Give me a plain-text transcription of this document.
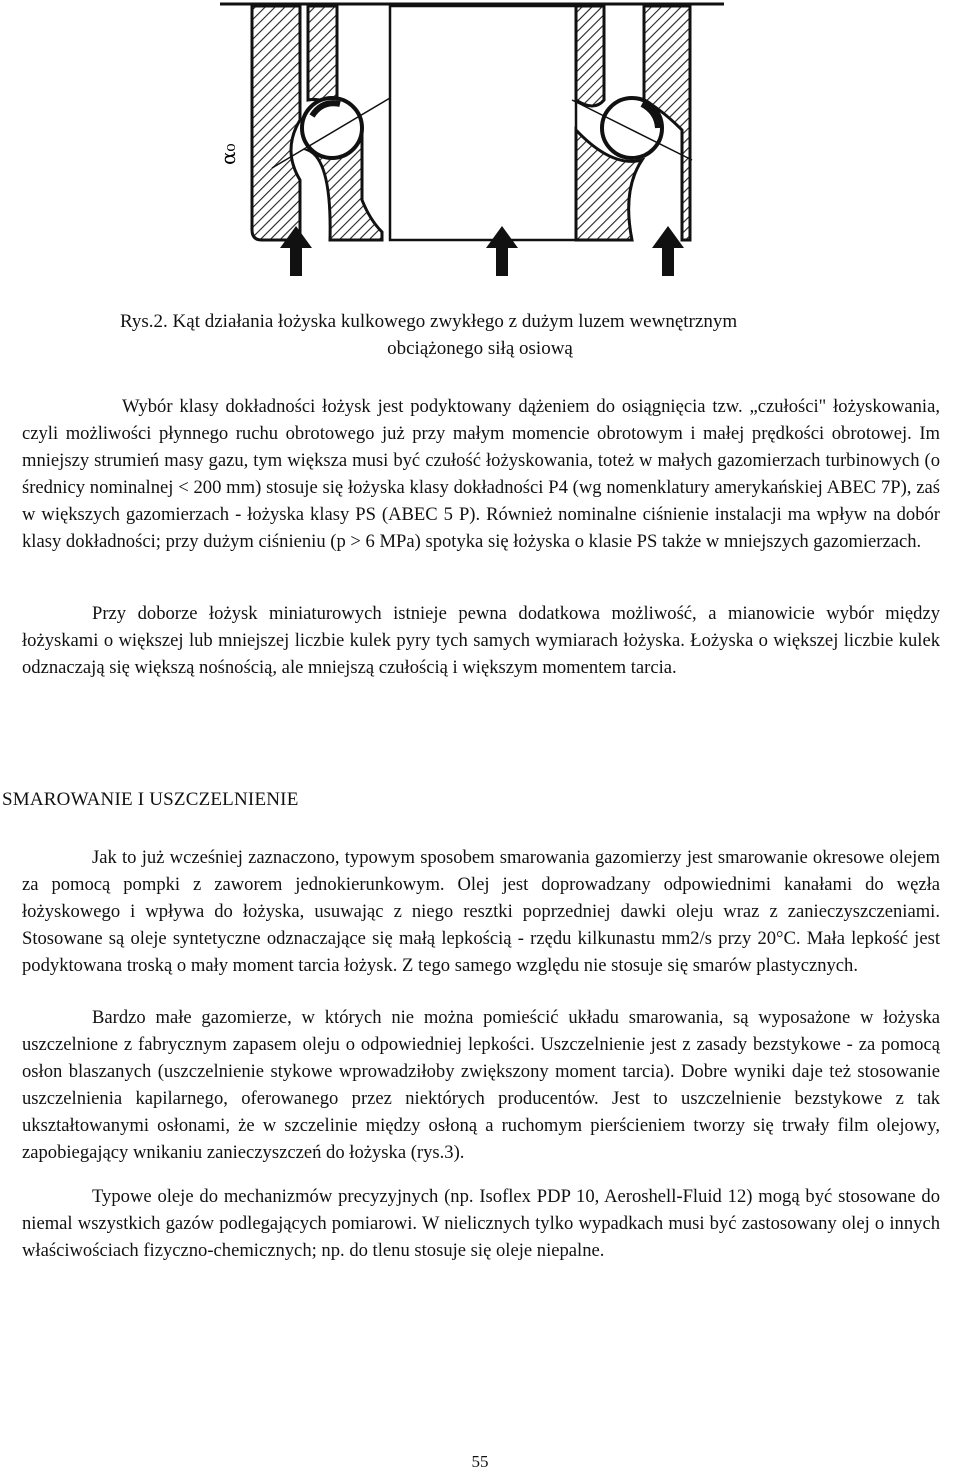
α₀
Rys.2. Kąt działania łożyska kulkowego zwykłego z dużym luzem wewnętrznym
obciążonego siłą osiową

Wybór klasy dokładności łożysk jest podyktowany dążeniem do osiągnięcia tzw. „czułości" łożyskowania, czyli możliwości płynnego ruchu obrotowego już przy małym momencie obrotowym i małej prędkości obrotowej. Im mniejszy strumień masy gazu, tym większa musi być czułość łożyskowania, toteż w małych gazomierzach turbinowych (o średnicy nominalnej < 200 mm) stosuje się łożyska klasy dokładności P4 (wg nomenklatury amerykańskiej ABEC 7P), zaś w większych gazomierzach - łożyska klasy PS (ABEC 5 P). Również nominalne ciśnienie instalacji ma wpływ na dobór klasy dokładności; przy dużym ciśnieniu (p > 6 MPa) spotyka się łożyska o klasie PS także w mniejszych gazomierzach.

Przy doborze łożysk miniaturowych istnieje pewna dodatkowa możliwość, a mianowicie wybór między łożyskami o większej lub mniejszej liczbie kulek pyry tych samych wymiarach łożyska. Łożyska o większej liczbie kulek odznaczają się większą nośnością, ale mniejszą czułością i większym momentem tarcia.

SMAROWANIE I USZCZELNIENIE

Jak to już wcześniej zaznaczono, typowym sposobem smarowania gazomierzy jest smarowanie okresowe olejem za pomocą pompki z zaworem jednokierunkowym. Olej jest doprowadzany odpowiednimi kanałami do węzła łożyskowego i wpływa do łożyska, usuwając z niego resztki poprzedniej dawki oleju wraz z zanieczyszczeniami. Stosowane są oleje syntetyczne odznaczające się małą lepkością - rzędu kilkunastu mm2/s przy 20°C. Mała lepkość jest podyktowana troską o mały moment tarcia łożysk. Z tego samego względu nie stosuje się smarów plastycznych.

Bardzo małe gazomierze, w których nie można pomieścić układu smarowania, są wyposażone w łożyska uszczelnione z fabrycznym zapasem oleju o odpowiedniej lepkości. Uszczelnienie jest z zasady bezstykowe - za pomocą osłon blaszanych (uszczelnienie stykowe wprowadziłoby zwiększony moment tarcia). Dobre wyniki daje też stosowanie uszczelnienia kapilarnego, oferowanego przez niektórych producentów. Jest to uszczelnienie bezstykowe z tak ukształtowanymi osłonami, że w szczelinie między osłoną a ruchomym pierścieniem tworzy się trwały film olejowy, zapobiegający wnikaniu zanieczyszczeń do łożyska (rys.3).

Typowe oleje do mechanizmów precyzyjnych (np. Isoflex PDP 10, Aeroshell-Fluid 12) mogą być stosowane do niemal wszystkich gazów podlegających pomiarowi. W nielicznych tylko wypadkach musi być zastosowany olej o innych właściwościach fizyczno-chemicznych; np. do tlenu stosuje się oleje niepalne.

55
